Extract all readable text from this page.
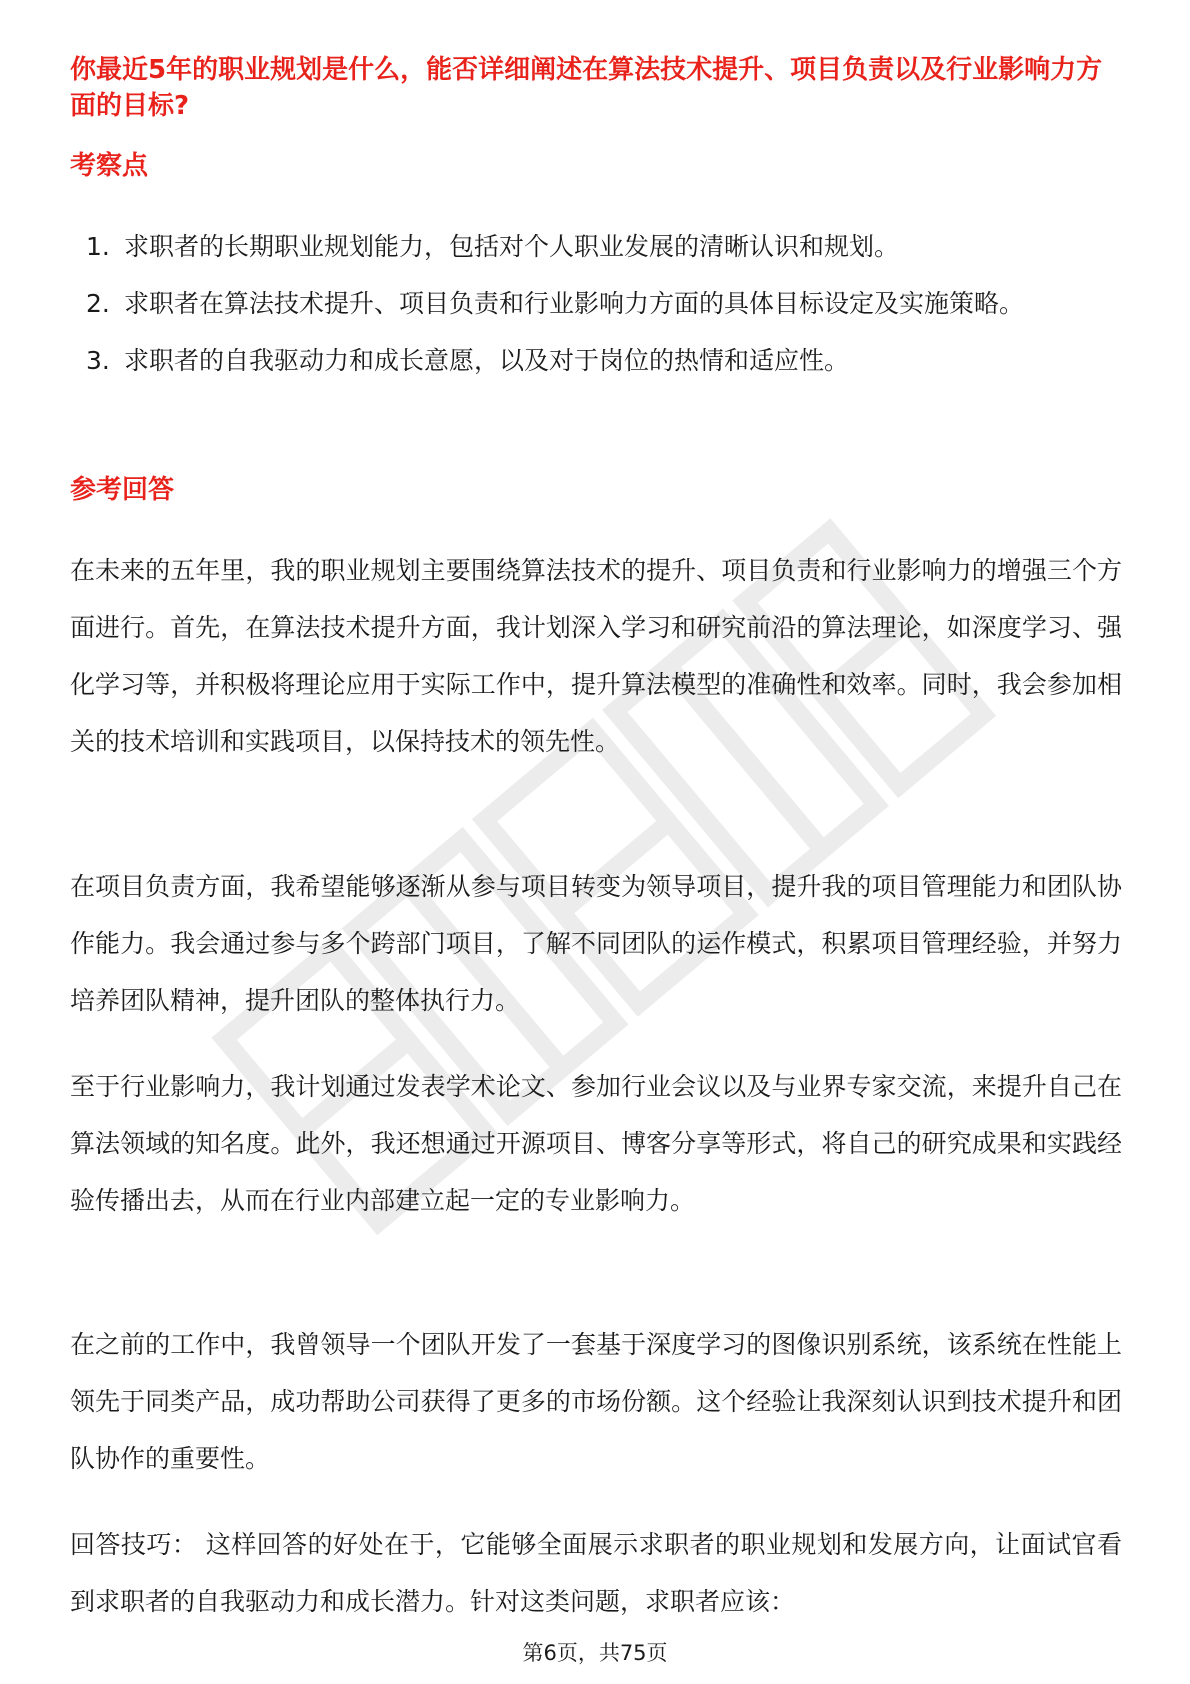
你最近5年的职业规划是什么，能否详细阐述在算法技术提升、项目负责以及行业影响力方面的目标?
考察点
1. 求职者的长期职业规划能力，包括对个人职业发展的清晰认识和规划。
2. 求职者在算法技术提升、项目负责和行业影响力方面的具体目标设定及实施策略。
3. 求职者的自我驱动力和成长意愿，以及对于岗位的热情和适应性。
参考回答

在未来的五年里，我的职业规划主要围绕算法技术的提升、项目负责和行业影响力的增强三个方面进行。首先，在算法技术提升方面，我计划深入学习和研究前沿的算法理论，如深度学习、强化学习等，并积极将理论应用于实际工作中，提升算法模型的准确性和效率。同时，我会参加相关的技术培训和实践项目，以保持技术的领先性。

在项目负责方面，我希望能够逐渐从参与项目转变为领导项目，提升我的项目管理能力和团队协作能力。我会通过参与多个跨部门项目，了解不同团队的运作模式，积累项目管理经验，并努力培养团队精神，提升团队的整体执行力。

至于行业影响力，我计划通过发表学术论文、参加行业会议以及与业界专家交流，来提升自己在算法领域的知名度。此外，我还想通过开源项目、博客分享等形式，将自己的研究成果和实践经验传播出去，从而在行业内部建立起一定的专业影响力。

在之前的工作中，我曾领导一个团队开发了一套基于深度学习的图像识别系统，该系统在性能上领先于同类产品，成功帮助公司获得了更多的市场份额。这个经验让我深刻认识到技术提升和团队协作的重要性。

回答技巧： 这样回答的好处在于，它能够全面展示求职者的职业规划和发展方向，让面试官看到求职者的自我驱动力和成长潜力。针对这类问题，求职者应该：

第6页，共75页
